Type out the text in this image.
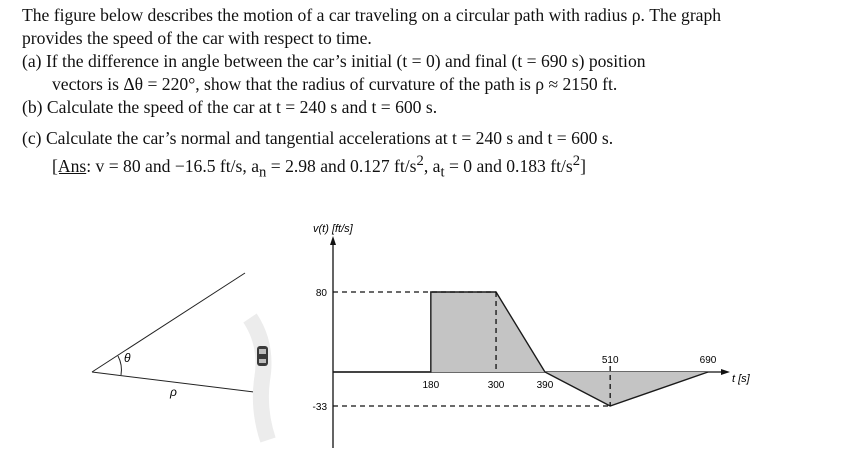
The figure below describes the motion of a car traveling on a circular path with radius ρ. The graph
provides the speed of the car with respect to time.
(a) If the difference in angle between the car’s initial (t = 0) and final (t = 690 s) position
vectors is Δθ = 220°, show that the radius of curvature of the path is ρ ≈ 2150 ft.
(b) Calculate the speed of the car at t = 240 s and t = 600 s.
(c) Calculate the car’s normal and tangential accelerations at t = 240 s and t = 600 s.
[Ans: v = 80 and −16.5 ft/s, $a_n = 2.98$ and 0.127 $ft/s^2$, $a_t = 0$ and 0.183 $ft/s^2$]
θ
ρ
v(t) [ft/s]
t [s]
80
-33
180	300	390
510	690
